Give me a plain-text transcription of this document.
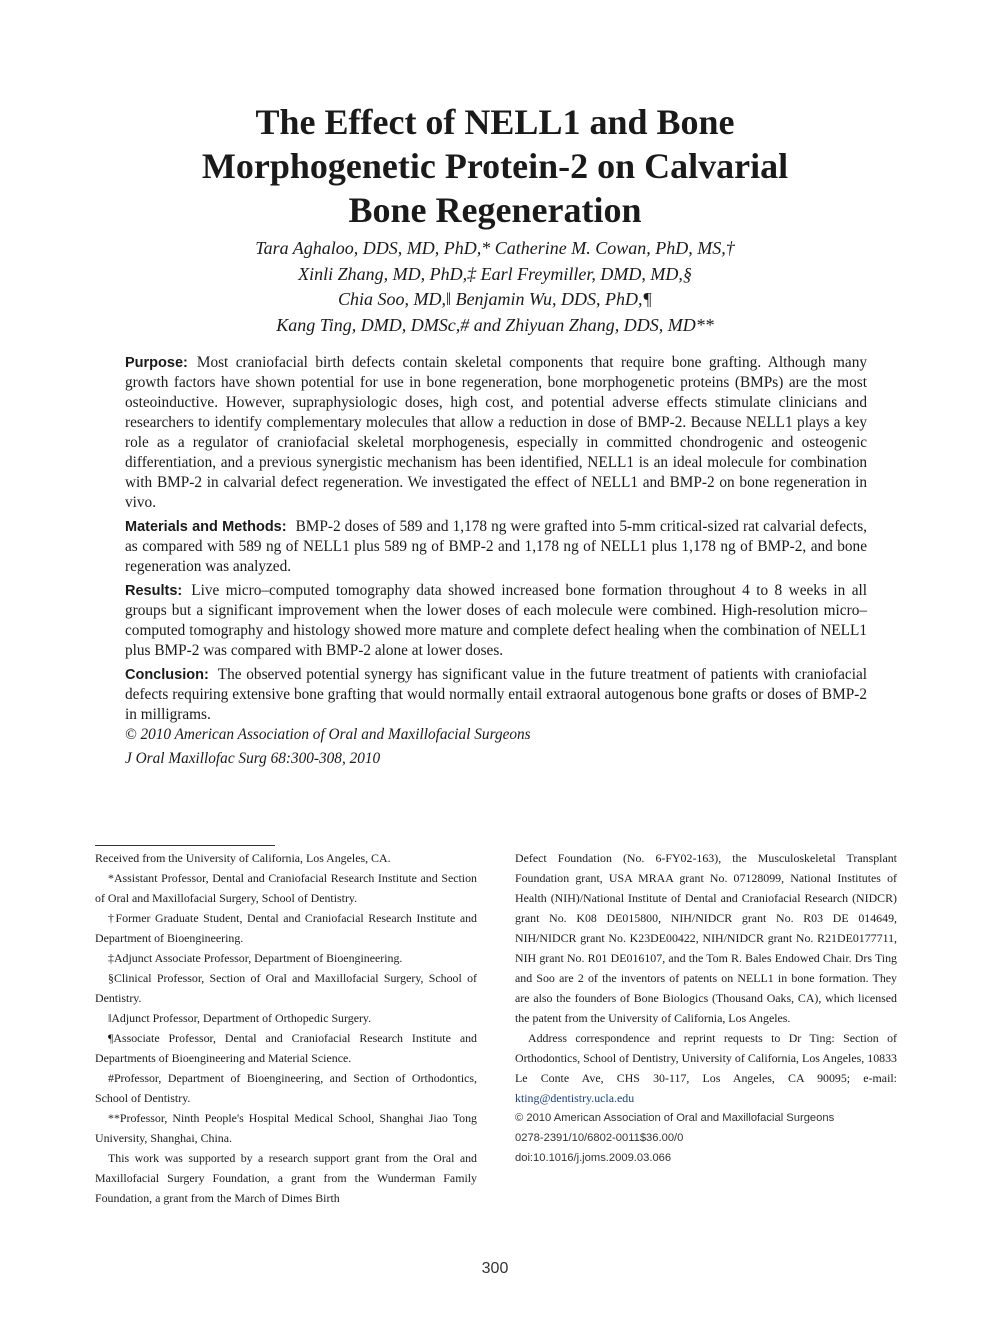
The Effect of NELL1 and Bone
Morphogenetic Protein-2 on Calvarial
Bone Regeneration
Tara Aghaloo, DDS, MD, PhD,* Catherine M. Cowan, PhD, MS,†
Xinli Zhang, MD, PhD,‡ Earl Freymiller, DMD, MD,§
Chia Soo, MD,‖ Benjamin Wu, DDS, PhD,¶
Kang Ting, DMD, DMSc,# and Zhiyuan Zhang, DDS, MD**

Purpose: Most craniofacial birth defects contain skeletal components that require bone grafting. Although many growth factors have shown potential for use in bone regeneration, bone morphogenetic proteins (BMPs) are the most osteoinductive. However, supraphysiologic doses, high cost, and potential adverse effects stimulate clinicians and researchers to identify complementary molecules that allow a reduction in dose of BMP-2. Because NELL1 plays a key role as a regulator of craniofacial skeletal morphogenesis, especially in committed chondrogenic and osteogenic differentiation, and a previous synergistic mechanism has been identified, NELL1 is an ideal molecule for combination with BMP-2 in calvarial defect regeneration. We investigated the effect of NELL1 and BMP-2 on bone regeneration in vivo.

Materials and Methods: BMP-2 doses of 589 and 1,178 ng were grafted into 5-mm critical-sized rat calvarial defects, as compared with 589 ng of NELL1 plus 589 ng of BMP-2 and 1,178 ng of NELL1 plus 1,178 ng of BMP-2, and bone regeneration was analyzed.

Results: Live micro–computed tomography data showed increased bone formation throughout 4 to 8 weeks in all groups but a significant improvement when the lower doses of each molecule were combined. High-resolution micro–computed tomography and histology showed more mature and complete defect healing when the combination of NELL1 plus BMP-2 was compared with BMP-2 alone at lower doses.

Conclusion: The observed potential synergy has significant value in the future treatment of patients with craniofacial defects requiring extensive bone grafting that would normally entail extraoral autogenous bone grafts or doses of BMP-2 in milligrams.

© 2010 American Association of Oral and Maxillofacial Surgeons

J Oral Maxillofac Surg 68:300-308, 2010

Received from the University of California, Los Angeles, CA.

*Assistant Professor, Dental and Craniofacial Research Institute and Section of Oral and Maxillofacial Surgery, School of Dentistry.

†Former Graduate Student, Dental and Craniofacial Research Institute and Department of Bioengineering.

‡Adjunct Associate Professor, Department of Bioengineering.

§Clinical Professor, Section of Oral and Maxillofacial Surgery, School of Dentistry.

‖Adjunct Professor, Department of Orthopedic Surgery.

¶Associate Professor, Dental and Craniofacial Research Institute and Departments of Bioengineering and Material Science.

#Professor, Department of Bioengineering, and Section of Orthodontics, School of Dentistry.

**Professor, Ninth People's Hospital Medical School, Shanghai Jiao Tong University, Shanghai, China.

This work was supported by a research support grant from the Oral and Maxillofacial Surgery Foundation, a grant from the Wunderman Family Foundation, a grant from the March of Dimes Birth

Defect Foundation (No. 6-FY02-163), the Musculoskeletal Transplant Foundation grant, USA MRAA grant No. 07128099, National Institutes of Health (NIH)/National Institute of Dental and Craniofacial Research (NIDCR) grant No. K08 DE015800, NIH/NIDCR grant No. R03 DE 014649, NIH/NIDCR grant No. K23DE00422, NIH/NIDCR grant No. R21DE0177711, NIH grant No. R01 DE016107, and the Tom R. Bales Endowed Chair. Drs Ting and Soo are 2 of the inventors of patents on NELL1 in bone formation. They are also the founders of Bone Biologics (Thousand Oaks, CA), which licensed the patent from the University of California, Los Angeles.

Address correspondence and reprint requests to Dr Ting: Section of Orthodontics, School of Dentistry, University of California, Los Angeles, 10833 Le Conte Ave, CHS 30-117, Los Angeles, CA 90095; e-mail: kting@dentistry.ucla.edu

© 2010 American Association of Oral and Maxillofacial Surgeons

0278-2391/10/6802-0011$36.00/0

doi:10.1016/j.joms.2009.03.066

300
